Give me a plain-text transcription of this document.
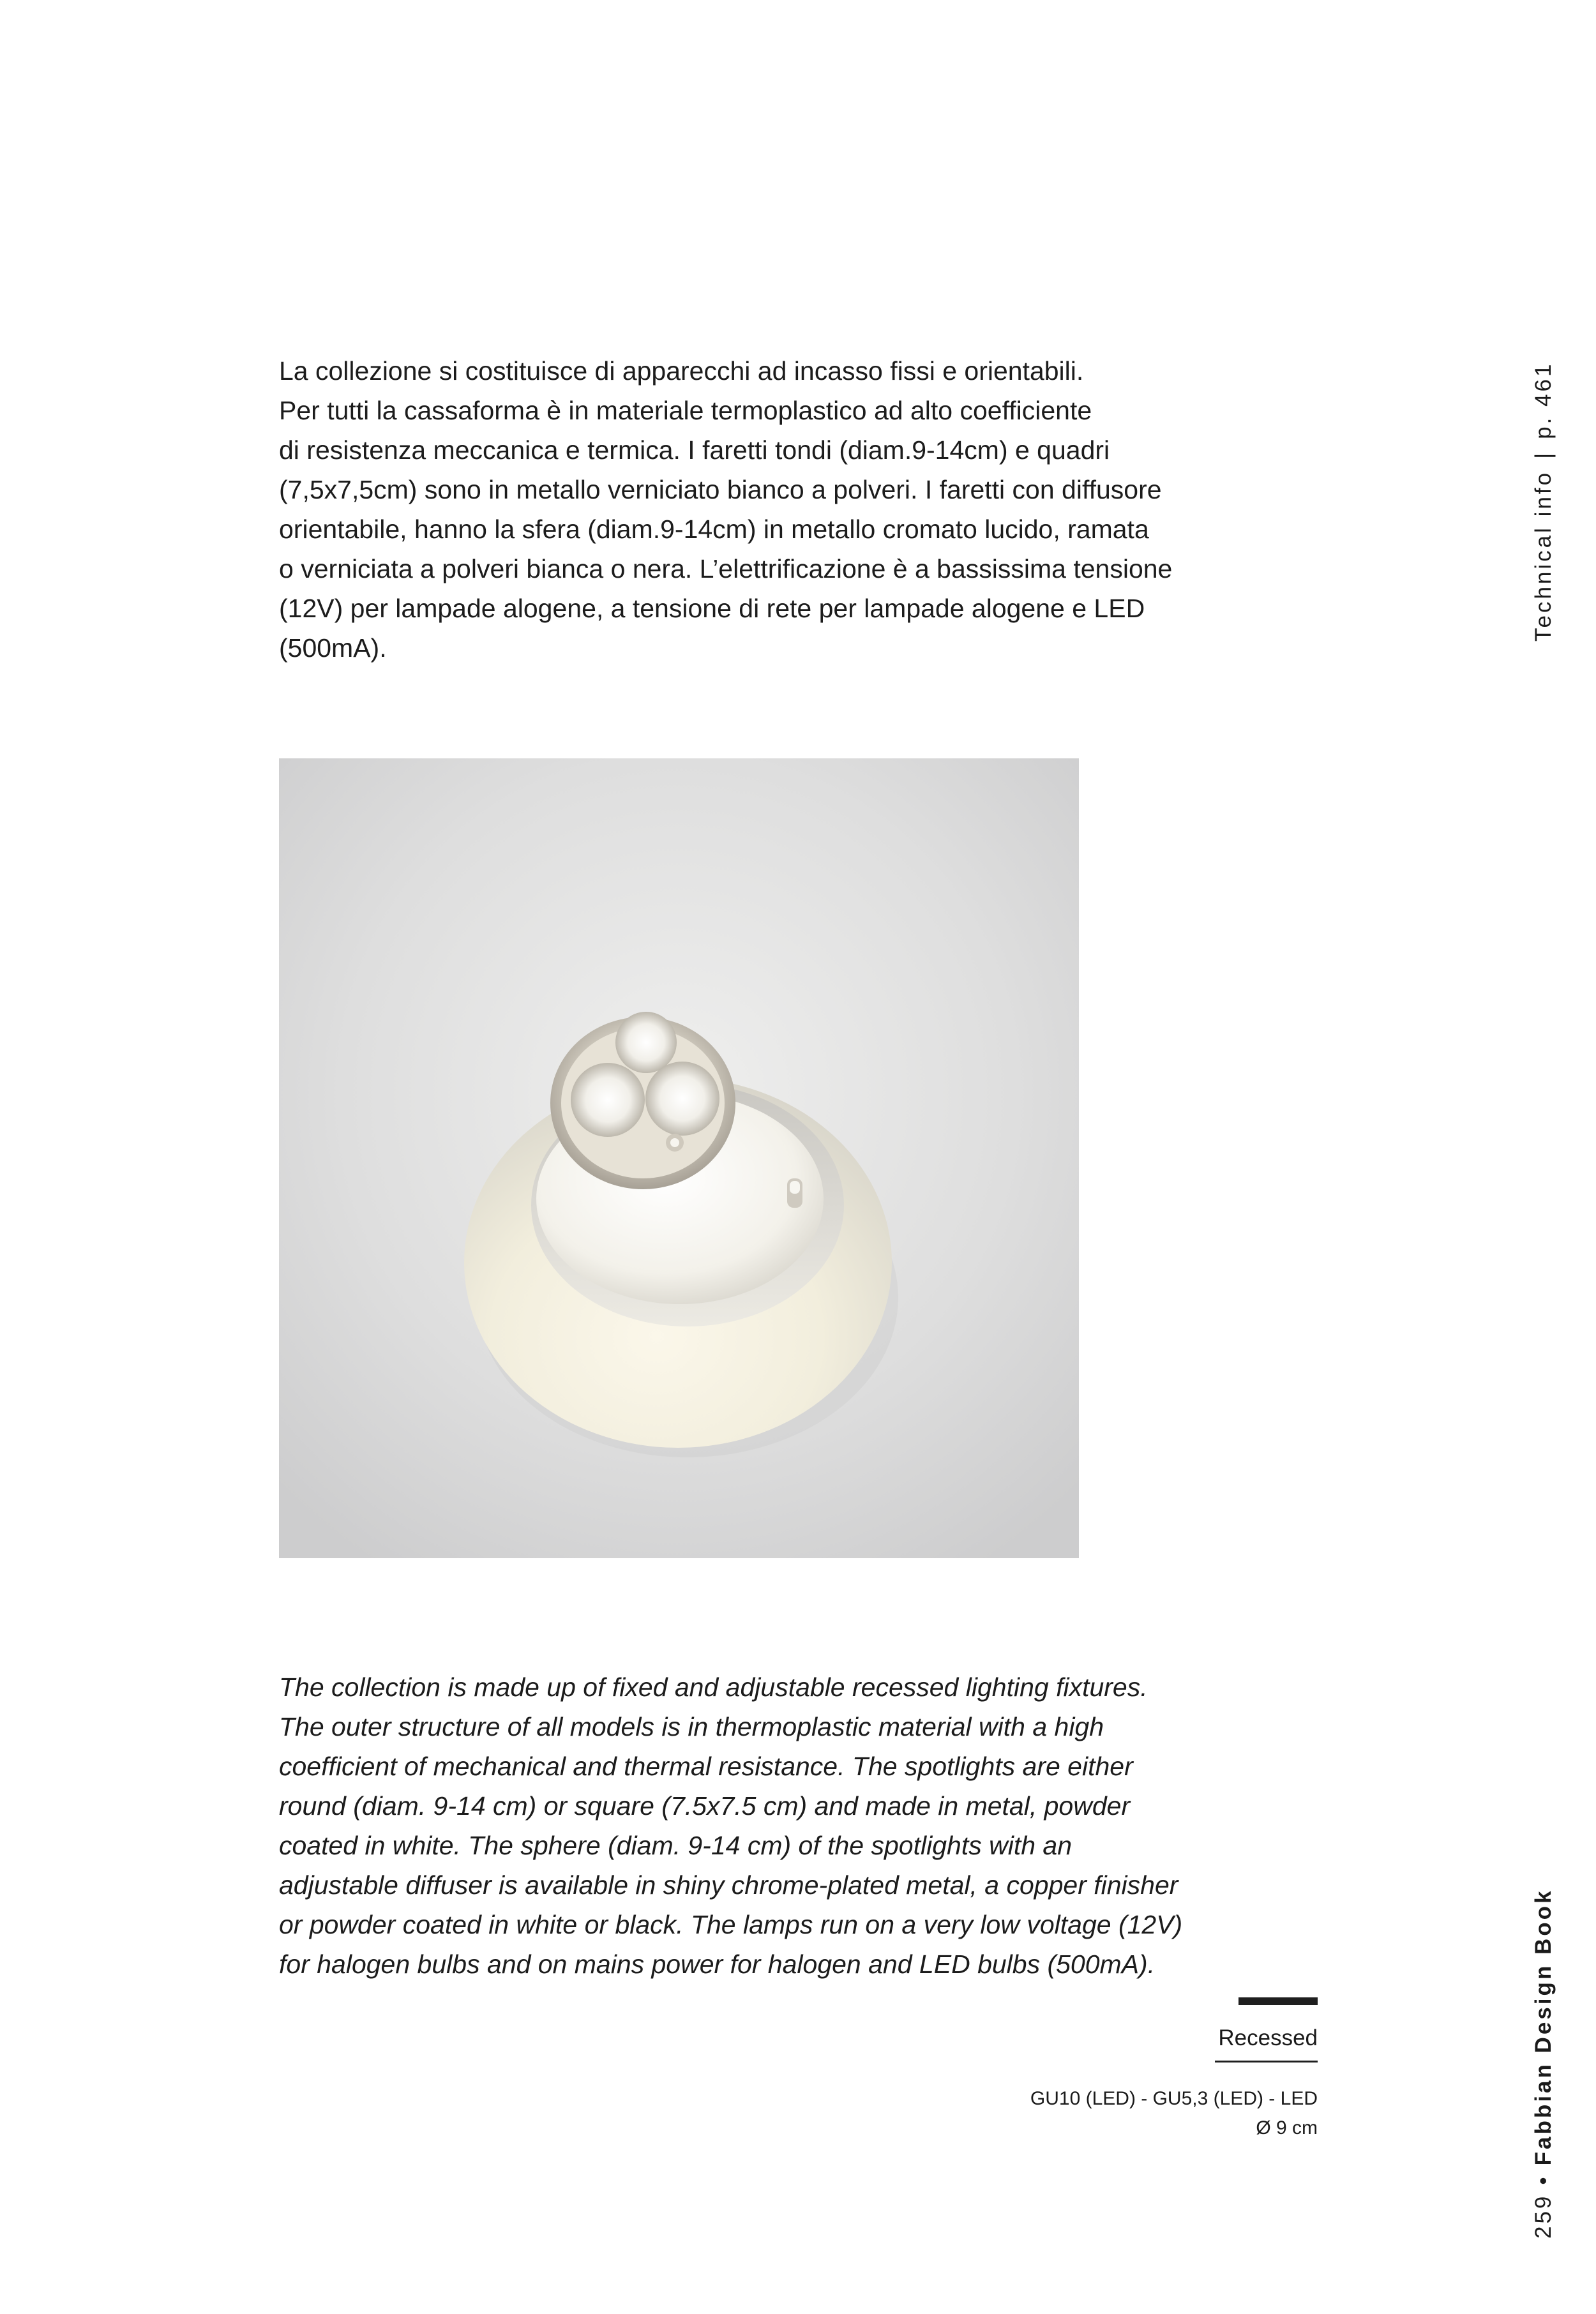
La collezione si costituisce di apparecchi ad incasso fissi e orientabili.

Per tutti la cassaforma è in materiale termoplastico ad alto coefficiente

di resistenza meccanica e termica. I faretti tondi (diam.9-14cm) e quadri

(7,5x7,5cm) sono in metallo verniciato bianco a polveri. I faretti con diffusore

orientabile, hanno la sfera (diam.9-14cm) in metallo cromato lucido, ramata

o verniciata a polveri bianca o nera. L’elettrificazione è a bassissima tensione

(12V) per lampade alogene, a tensione di rete per lampade alogene e LED

(500mA).

The collection is made up of fixed and adjustable recessed lighting fixtures.

The outer structure of all models is in thermoplastic material with a high

coefficient of mechanical and thermal resistance. The spotlights are either

round (diam. 9-14 cm) or square (7.5x7.5 cm) and made in metal, powder

coated in white. The sphere (diam. 9-14 cm) of the spotlights with an

adjustable diffuser is available in shiny chrome-plated metal, a copper finisher

or powder coated in white or black. The lamps run on a very low voltage (12V)

for halogen bulbs and on mains power for halogen and LED bulbs (500mA).

Recessed
GU10 (LED) - GU5,3 (LED) - LED
Ø 9 cm
Technical info|p. 461
259•Fabbian Design Book
